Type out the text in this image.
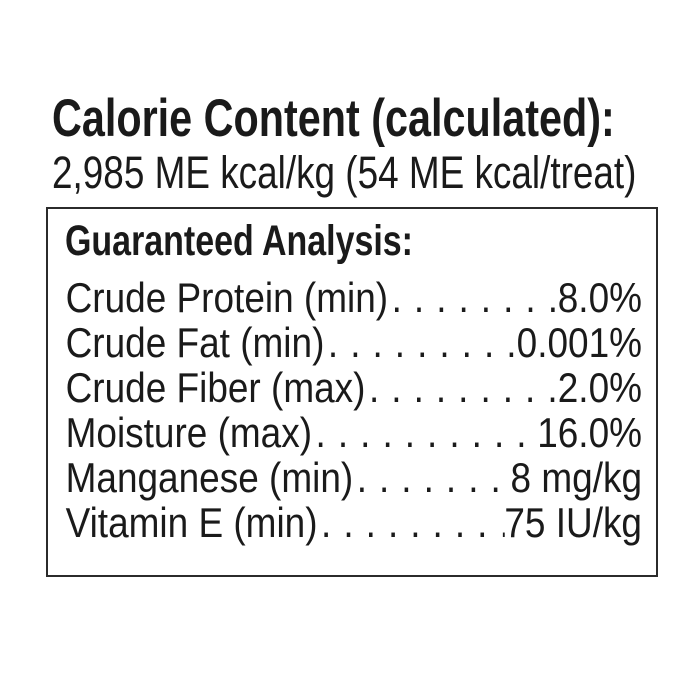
Calorie Content (calculated):
2,985 ME kcal/kg (54 ME kcal/treat)
Guaranteed Analysis:
Crude Protein (min) . . .	8.0%
Crude Fat (min) . . .	0.001%
Crude Fiber (max) . . .	2.0%
Moisture (max) . . .	16.0%
Manganese (min) . . .	8 mg/kg
Vitamin E (min) . . .	75 IU/kg
